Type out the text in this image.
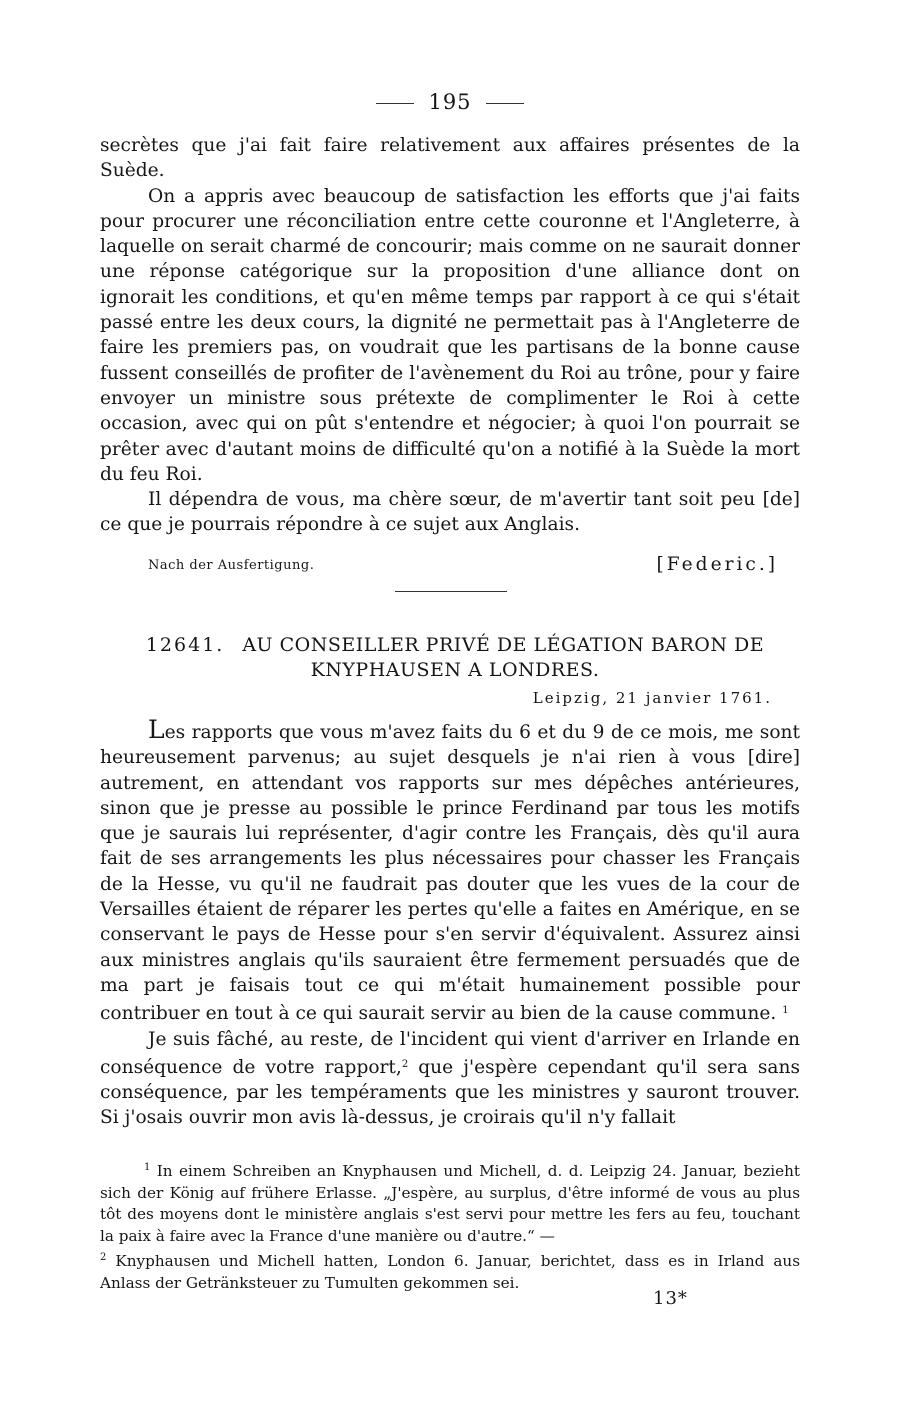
195

secrètes que j'ai fait faire relativement aux affaires présentes de la Suède.

On a appris avec beaucoup de satisfaction les efforts que j'ai faits pour procurer une réconciliation entre cette couronne et l'Angleterre, à laquelle on serait charmé de concourir; mais comme on ne saurait donner une réponse catégorique sur la proposition d'une alliance dont on ignorait les conditions, et qu'en même temps par rapport à ce qui s'était passé entre les deux cours, la dignité ne permettait pas à l'Angleterre de faire les premiers pas, on voudrait que les partisans de la bonne cause fussent conseillés de profiter de l'avènement du Roi au trône, pour y faire envoyer un ministre sous prétexte de complimenter le Roi à cette occasion, avec qui on pût s'entendre et négocier; à quoi l'on pourrait se prêter avec d'autant moins de difficulté qu'on a notifié à la Suède la mort du feu Roi.

Il dépendra de vous, ma chère sœur, de m'avertir tant soit peu [de] ce que je pourrais répondre à ce sujet aux Anglais.

Nach der Ausfertigung.	[Federic.]
12641. AU CONSEILLER PRIVÉ DE LÉGATION BARON DE
KNYPHAUSEN A LONDRES.
Leipzig, 21 janvier 1761.

Les rapports que vous m'avez faits du 6 et du 9 de ce mois, me sont heureusement parvenus; au sujet desquels je n'ai rien à vous [dire] autrement, en attendant vos rapports sur mes dépêches antérieures, sinon que je presse au possible le prince Ferdinand par tous les motifs que je saurais lui représenter, d'agir contre les Français, dès qu'il aura fait de ses arrangements les plus nécessaires pour chasser les Français de la Hesse, vu qu'il ne faudrait pas douter que les vues de la cour de Versailles étaient de réparer les pertes qu'elle a faites en Amérique, en se conservant le pays de Hesse pour s'en servir d'équivalent. Assurez ainsi aux ministres anglais qu'ils sauraient être fermement persuadés que de ma part je faisais tout ce qui m'était humainement possible pour contribuer en tout à ce qui saurait servir au bien de la cause commune. $^1$

Je suis fâché, au reste, de l'incident qui vient d'arriver en Irlande en conséquence de votre rapport,$^2$ que j'espère cependant qu'il sera sans conséquence, par les tempéraments que les ministres y sauront trouver. Si j'osais ouvrir mon avis là-dessus, je croirais qu'il n'y fallait

$^1$ In einem Schreiben an Knyphausen und Michell, d. d. Leipzig 24. Januar, bezieht sich der König auf frühere Erlasse. „J'espère, au surplus, d'être informé de vous au plus tôt des moyens dont le ministère anglais s'est servi pour mettre les fers au feu, touchant la paix à faire avec la France d'une manière ou d'autre.“ —

$^2$ Knyphausen und Michell hatten, London 6. Januar, berichtet, dass es in Irland aus Anlass der Getränksteuer zu Tumulten gekommen sei.

13*
